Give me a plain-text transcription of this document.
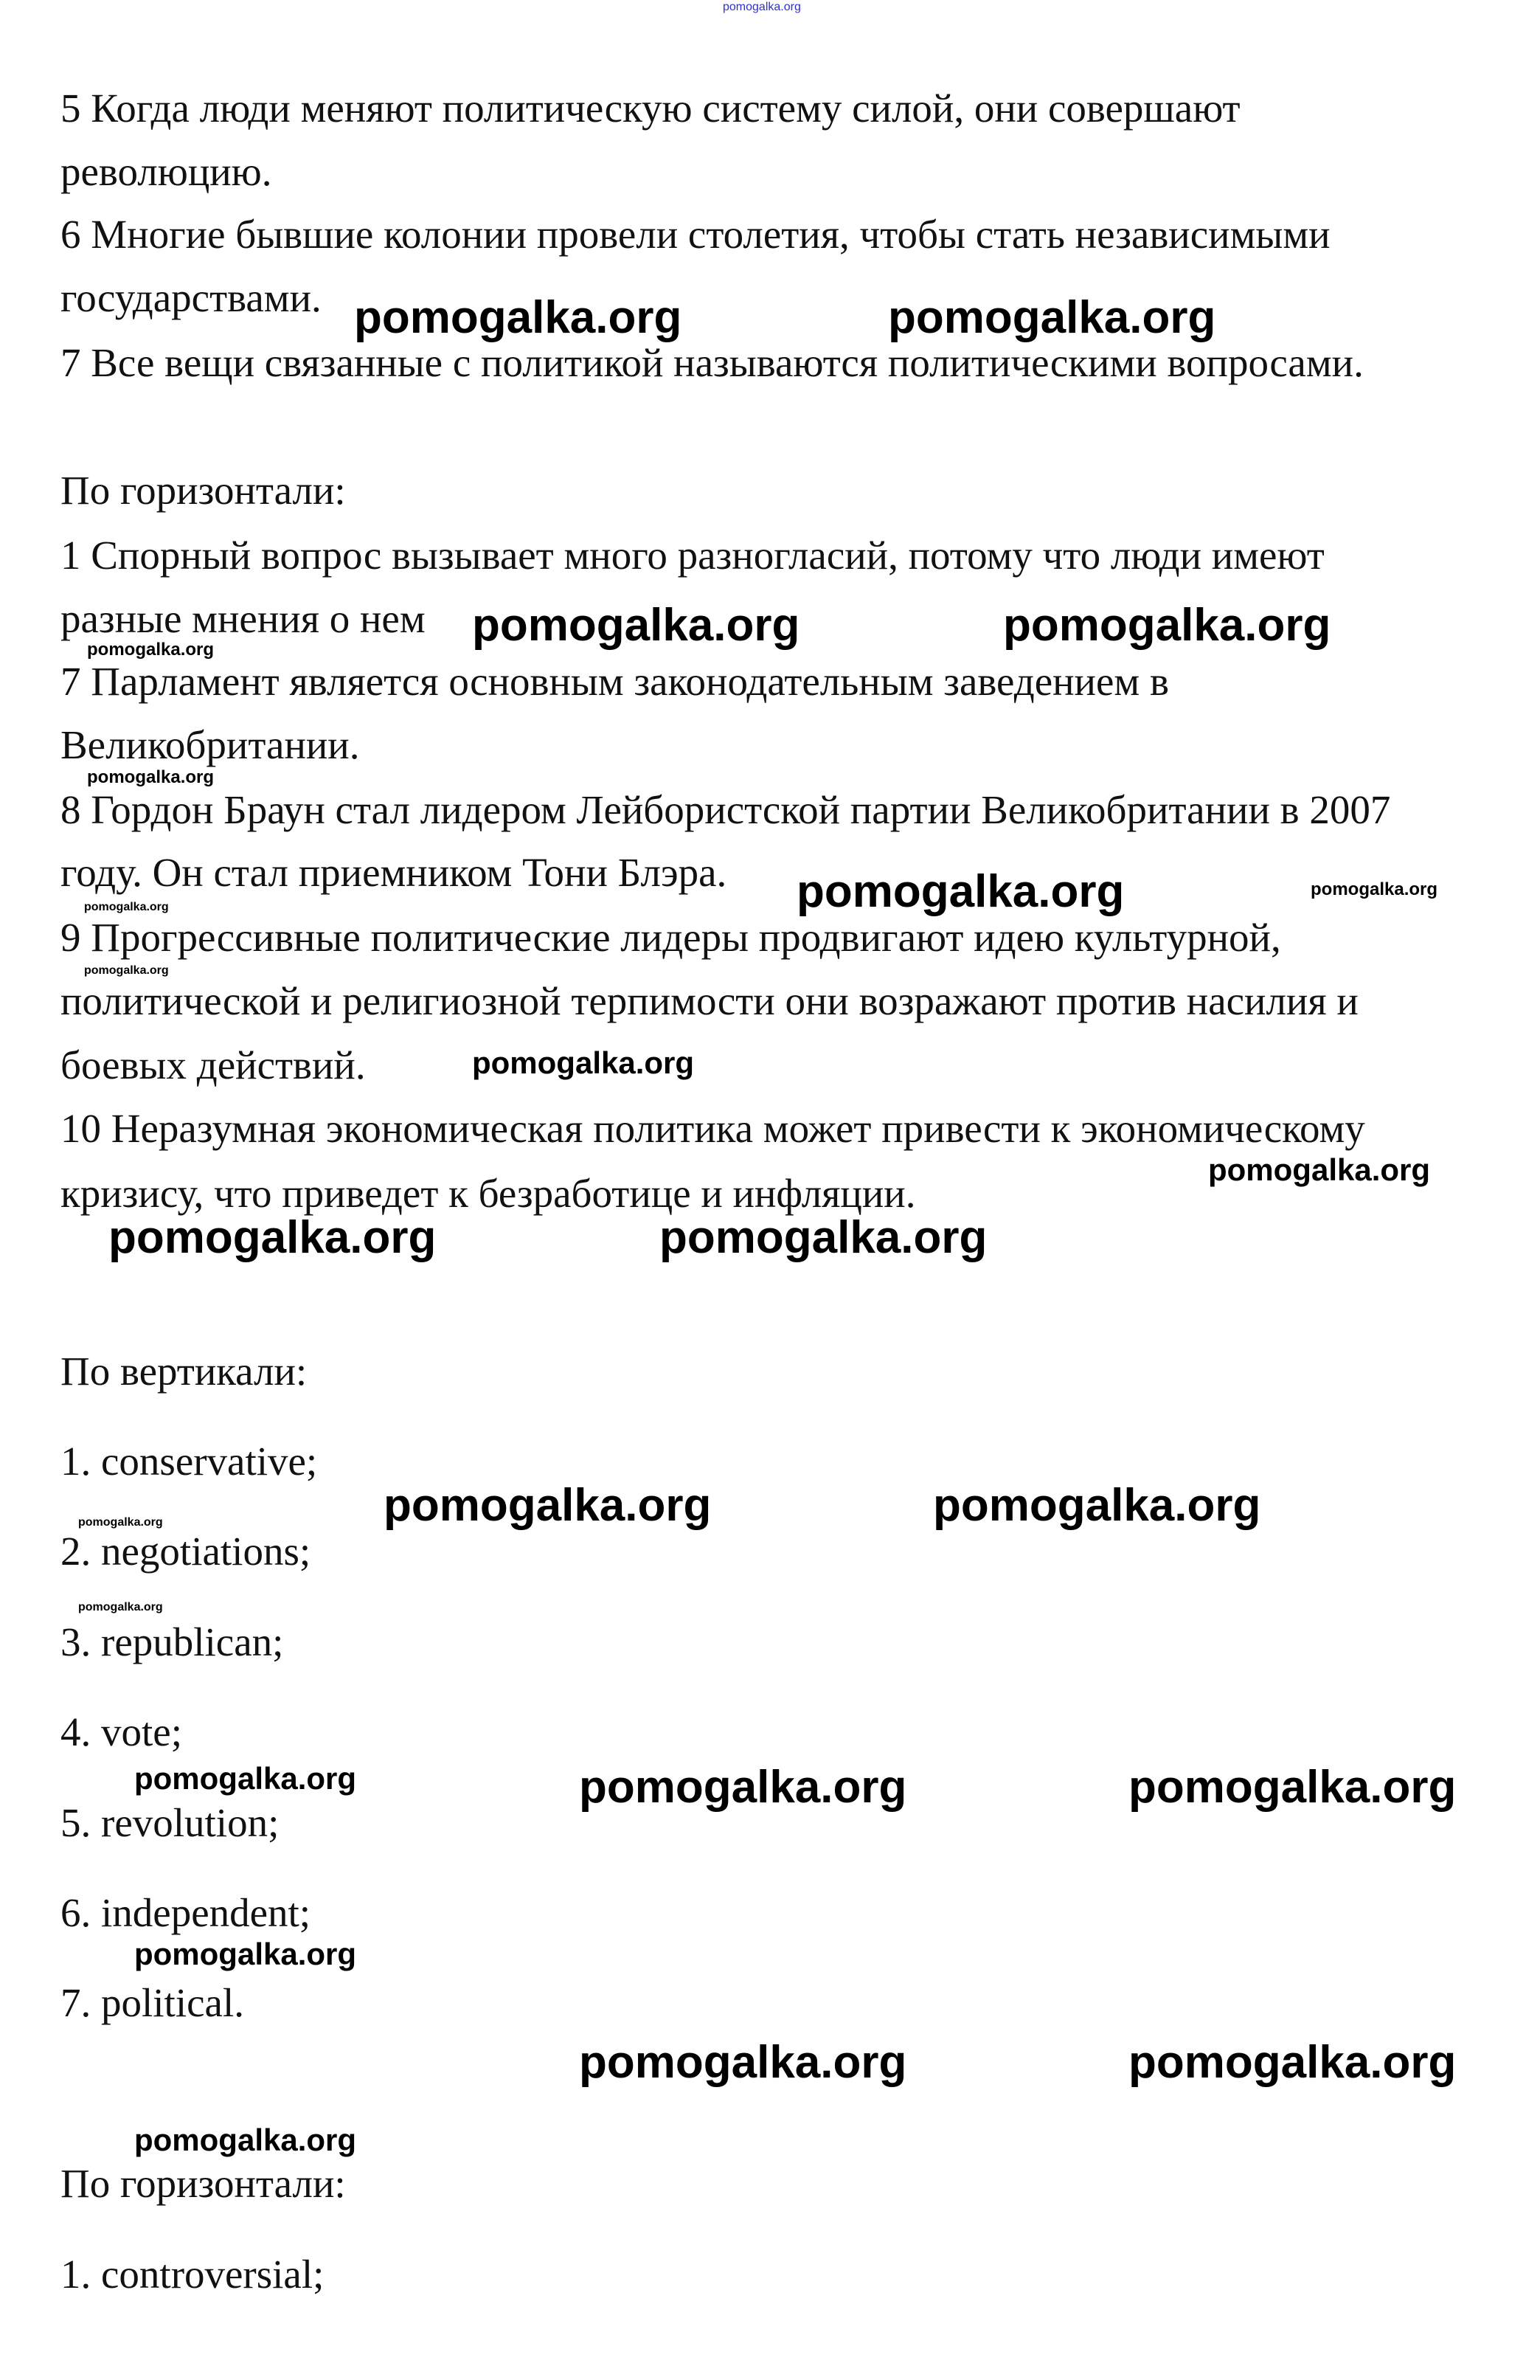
pomogalka.org
5 Когда люди меняют политическую систему силой, они совершают
революцию.
6 Многие бывшие колонии провели столетия, чтобы стать независимыми
государствами.
7 Все вещи связанные с политикой называются политическими вопросами.
По горизонтали:
1 Спорный вопрос вызывает много разногласий, потому что люди имеют
разные мнения о нем
7 Парламент является основным законодательным заведением в
Великобритании.
8 Гордон Браун стал лидером Лейбористской партии Великобритании в 2007
году. Он стал приемником Тони Блэра.
9 Прогрессивные политические лидеры продвигают идею культурной,
политической и религиозной терпимости они возражают против насилия и
боевых действий.
10 Неразумная экономическая политика может привести к экономическому
кризису, что приведет к безработице и инфляции.
По вертикали:
1. conservative;
2. negotiations;
3. republican;
4. vote;
5. revolution;
6. independent;
7. political.
По горизонтали:
1. controversial;
pomogalka.org	pomogalka.org
pomogalka.org	pomogalka.org
pomogalka.org
pomogalka.org	pomogalka.org
pomogalka.org	pomogalka.org
pomogalka.org	pomogalka.org
pomogalka.org	pomogalka.org
pomogalka.org
pomogalka.org
pomogalka.org
pomogalka.org
pomogalka.org
pomogalka.org
pomogalka.org
pomogalka.org
pomogalka.org
pomogalka.org
pomogalka.org
pomogalka.org
